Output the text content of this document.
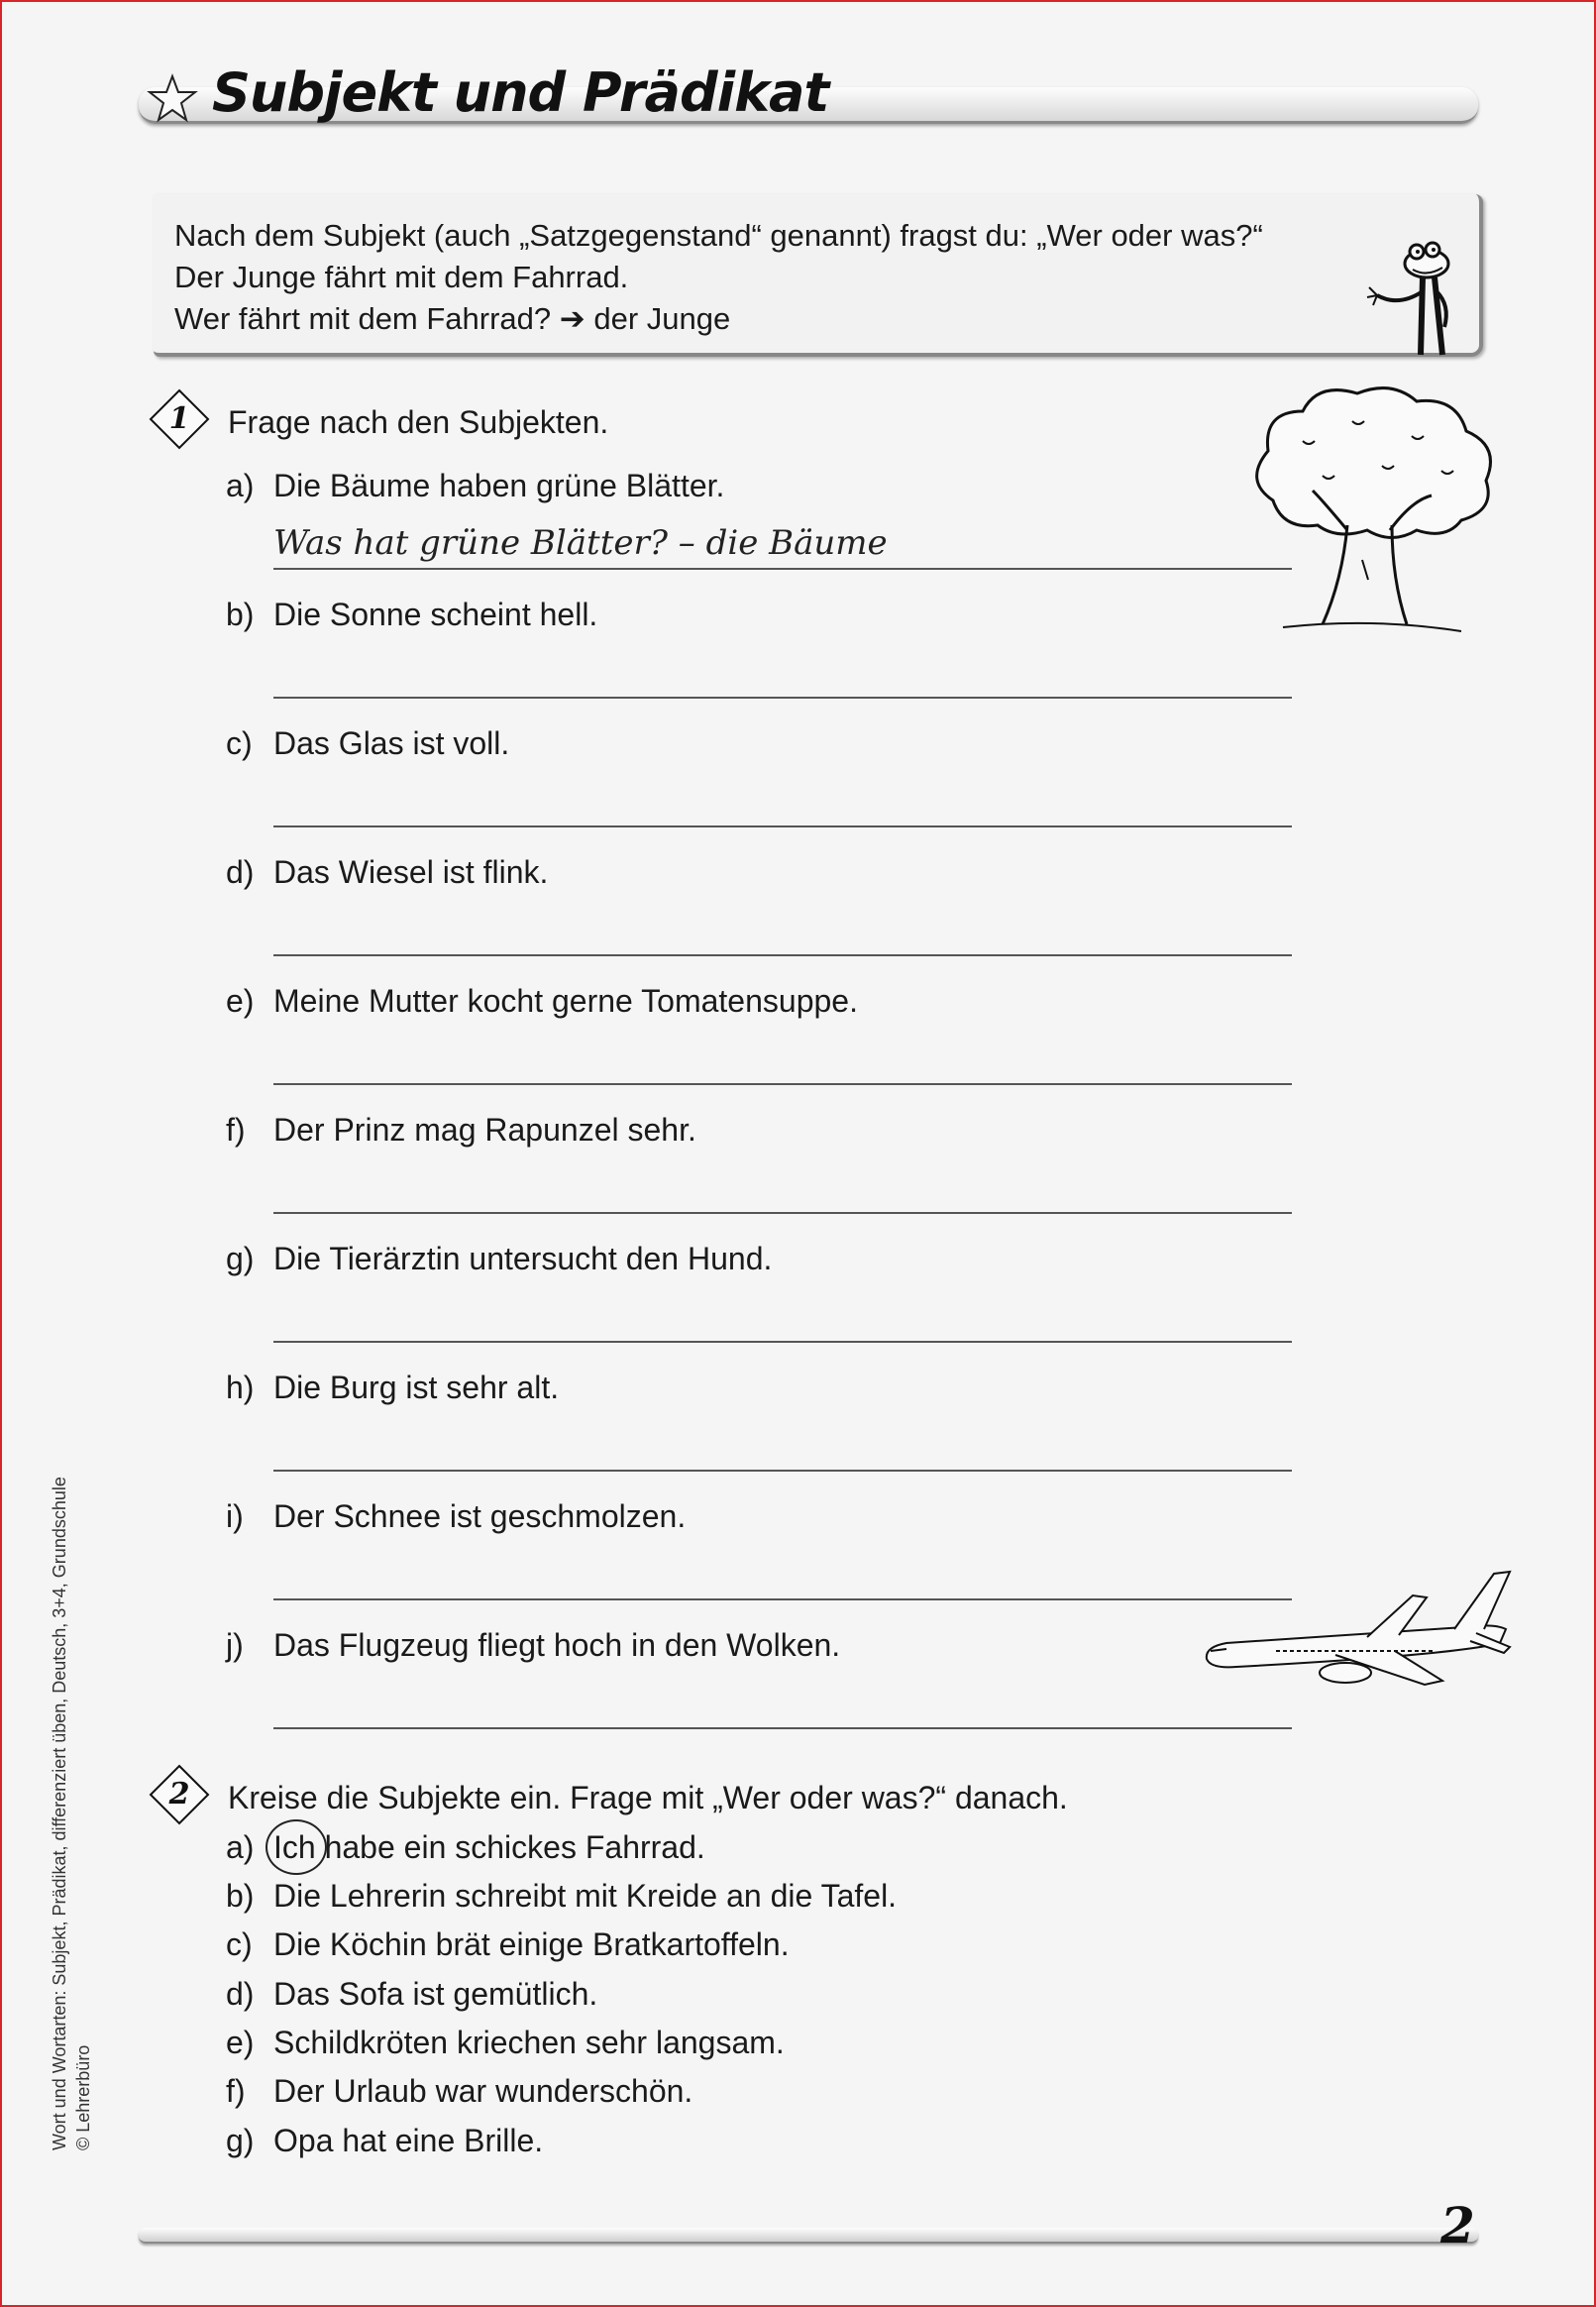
Subjekt und Prädikat
Nach dem Subjekt (auch „Satzgegenstand“ genannt) fragst du: „Wer oder was?“
Der Junge fährt mit dem Fahrrad.
Wer fährt mit dem Fahrrad? ➔ der Junge
1	Frage nach den Subjekten.
a) Die Bäume haben grüne Blätter.
Was hat grüne Blätter? – die Bäume
b) Die Sonne scheint hell.
c) Das Glas ist voll.
d) Das Wiesel ist flink.
e) Meine Mutter kocht gerne Tomatensuppe.
f) Der Prinz mag Rapunzel sehr.
g) Die Tierärztin untersucht den Hund.
h) Die Burg ist sehr alt.
i) Der Schnee ist geschmolzen.
j) Das Flugzeug fliegt hoch in den Wolken.
2	Kreise die Subjekte ein. Frage mit „Wer oder was?“ danach.
a) Ich habe ein schickes Fahrrad.
b) Die Lehrerin schreibt mit Kreide an die Tafel.
c) Die Köchin brät einige Bratkartoffeln.
d) Das Sofa ist gemütlich.
e) Schildkröten kriechen sehr langsam.
f) Der Urlaub war wunderschön.
g) Opa hat eine Brille.
Wort und Wortarten: Subjekt, Prädikat, differenziert üben, Deutsch, 3+4, Grundschule © Lehrerbüro
2
